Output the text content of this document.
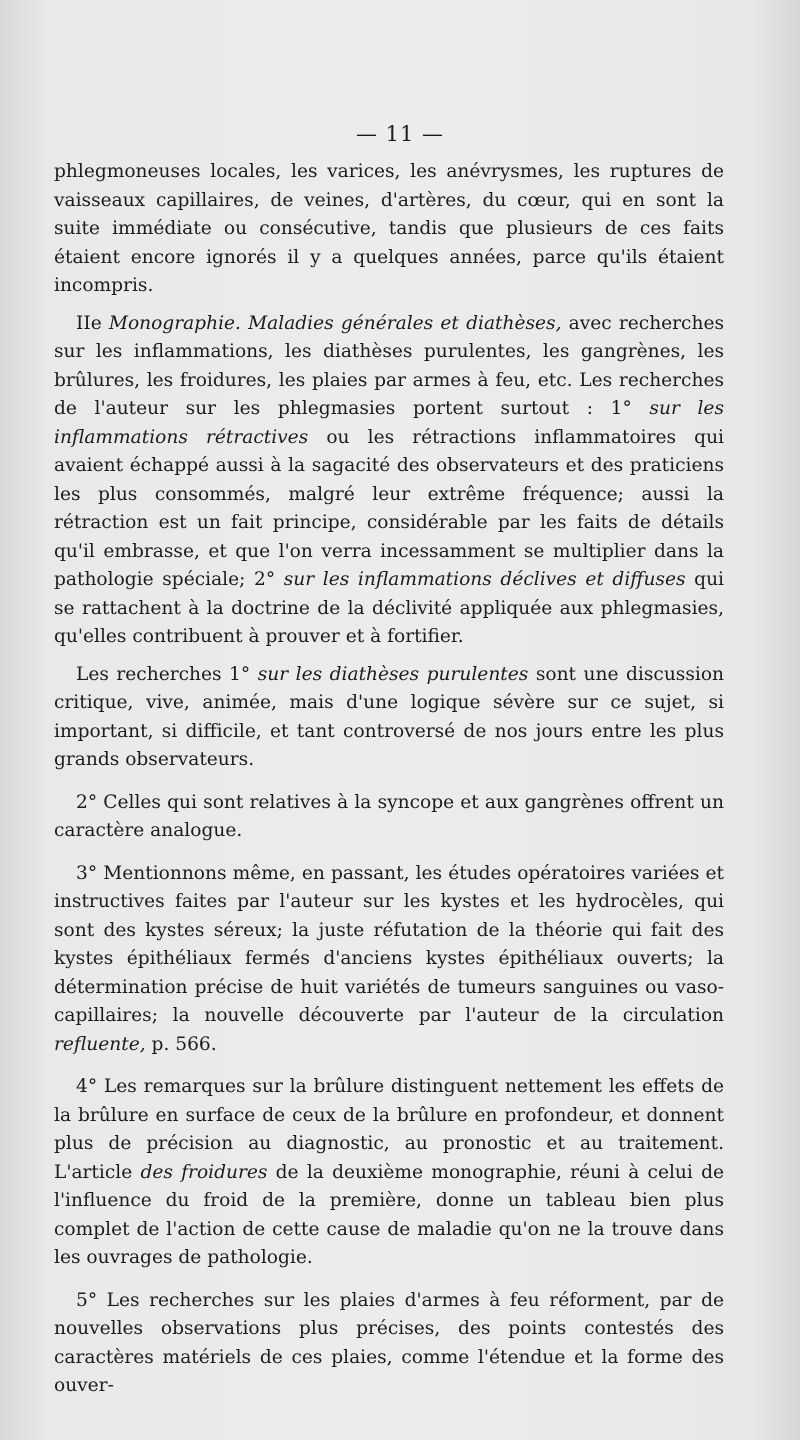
— 11 —

phlegmoneuses locales, les varices, les anévrysmes, les ruptures de vaisseaux capillaires, de veines, d'artères, du cœur, qui en sont la suite immédiate ou consécutive, tandis que plusieurs de ces faits étaient encore ignorés il y a quelques années, parce qu'ils étaient incompris.

IIe Monographie. Maladies générales et diathèses, avec recherches sur les inflammations, les diathèses purulentes, les gangrènes, les brûlures, les froidures, les plaies par armes à feu, etc. Les recherches de l'auteur sur les phlegmasies portent surtout : 1° sur les inflammations rétractives ou les rétractions inflammatoires qui avaient échappé aussi à la sagacité des observateurs et des praticiens les plus consommés, malgré leur extrême fréquence; aussi la rétraction est un fait principe, considérable par les faits de détails qu'il embrasse, et que l'on verra incessamment se multiplier dans la pathologie spéciale; 2° sur les inflammations déclives et diffuses qui se rattachent à la doctrine de la déclivité appliquée aux phlegmasies, qu'elles contribuent à prouver et à fortifier.

Les recherches 1° sur les diathèses purulentes sont une discussion critique, vive, animée, mais d'une logique sévère sur ce sujet, si important, si difficile, et tant controversé de nos jours entre les plus grands observateurs.

2° Celles qui sont relatives à la syncope et aux gangrènes offrent un caractère analogue.

3° Mentionnons même, en passant, les études opératoires variées et instructives faites par l'auteur sur les kystes et les hydrocèles, qui sont des kystes séreux; la juste réfutation de la théorie qui fait des kystes épithéliaux fermés d'anciens kystes épithéliaux ouverts; la détermination précise de huit variétés de tumeurs sanguines ou vaso-capillaires; la nouvelle découverte par l'auteur de la circulation refluente, p. 566.

4° Les remarques sur la brûlure distinguent nettement les effets de la brûlure en surface de ceux de la brûlure en profondeur, et donnent plus de précision au diagnostic, au pronostic et au traitement. L'article des froidures de la deuxième monographie, réuni à celui de l'influence du froid de la première, donne un tableau bien plus complet de l'action de cette cause de maladie qu'on ne la trouve dans les ouvrages de pathologie.

5° Les recherches sur les plaies d'armes à feu réforment, par de nouvelles observations plus précises, des points contestés des caractères matériels de ces plaies, comme l'étendue et la forme des ouver-
